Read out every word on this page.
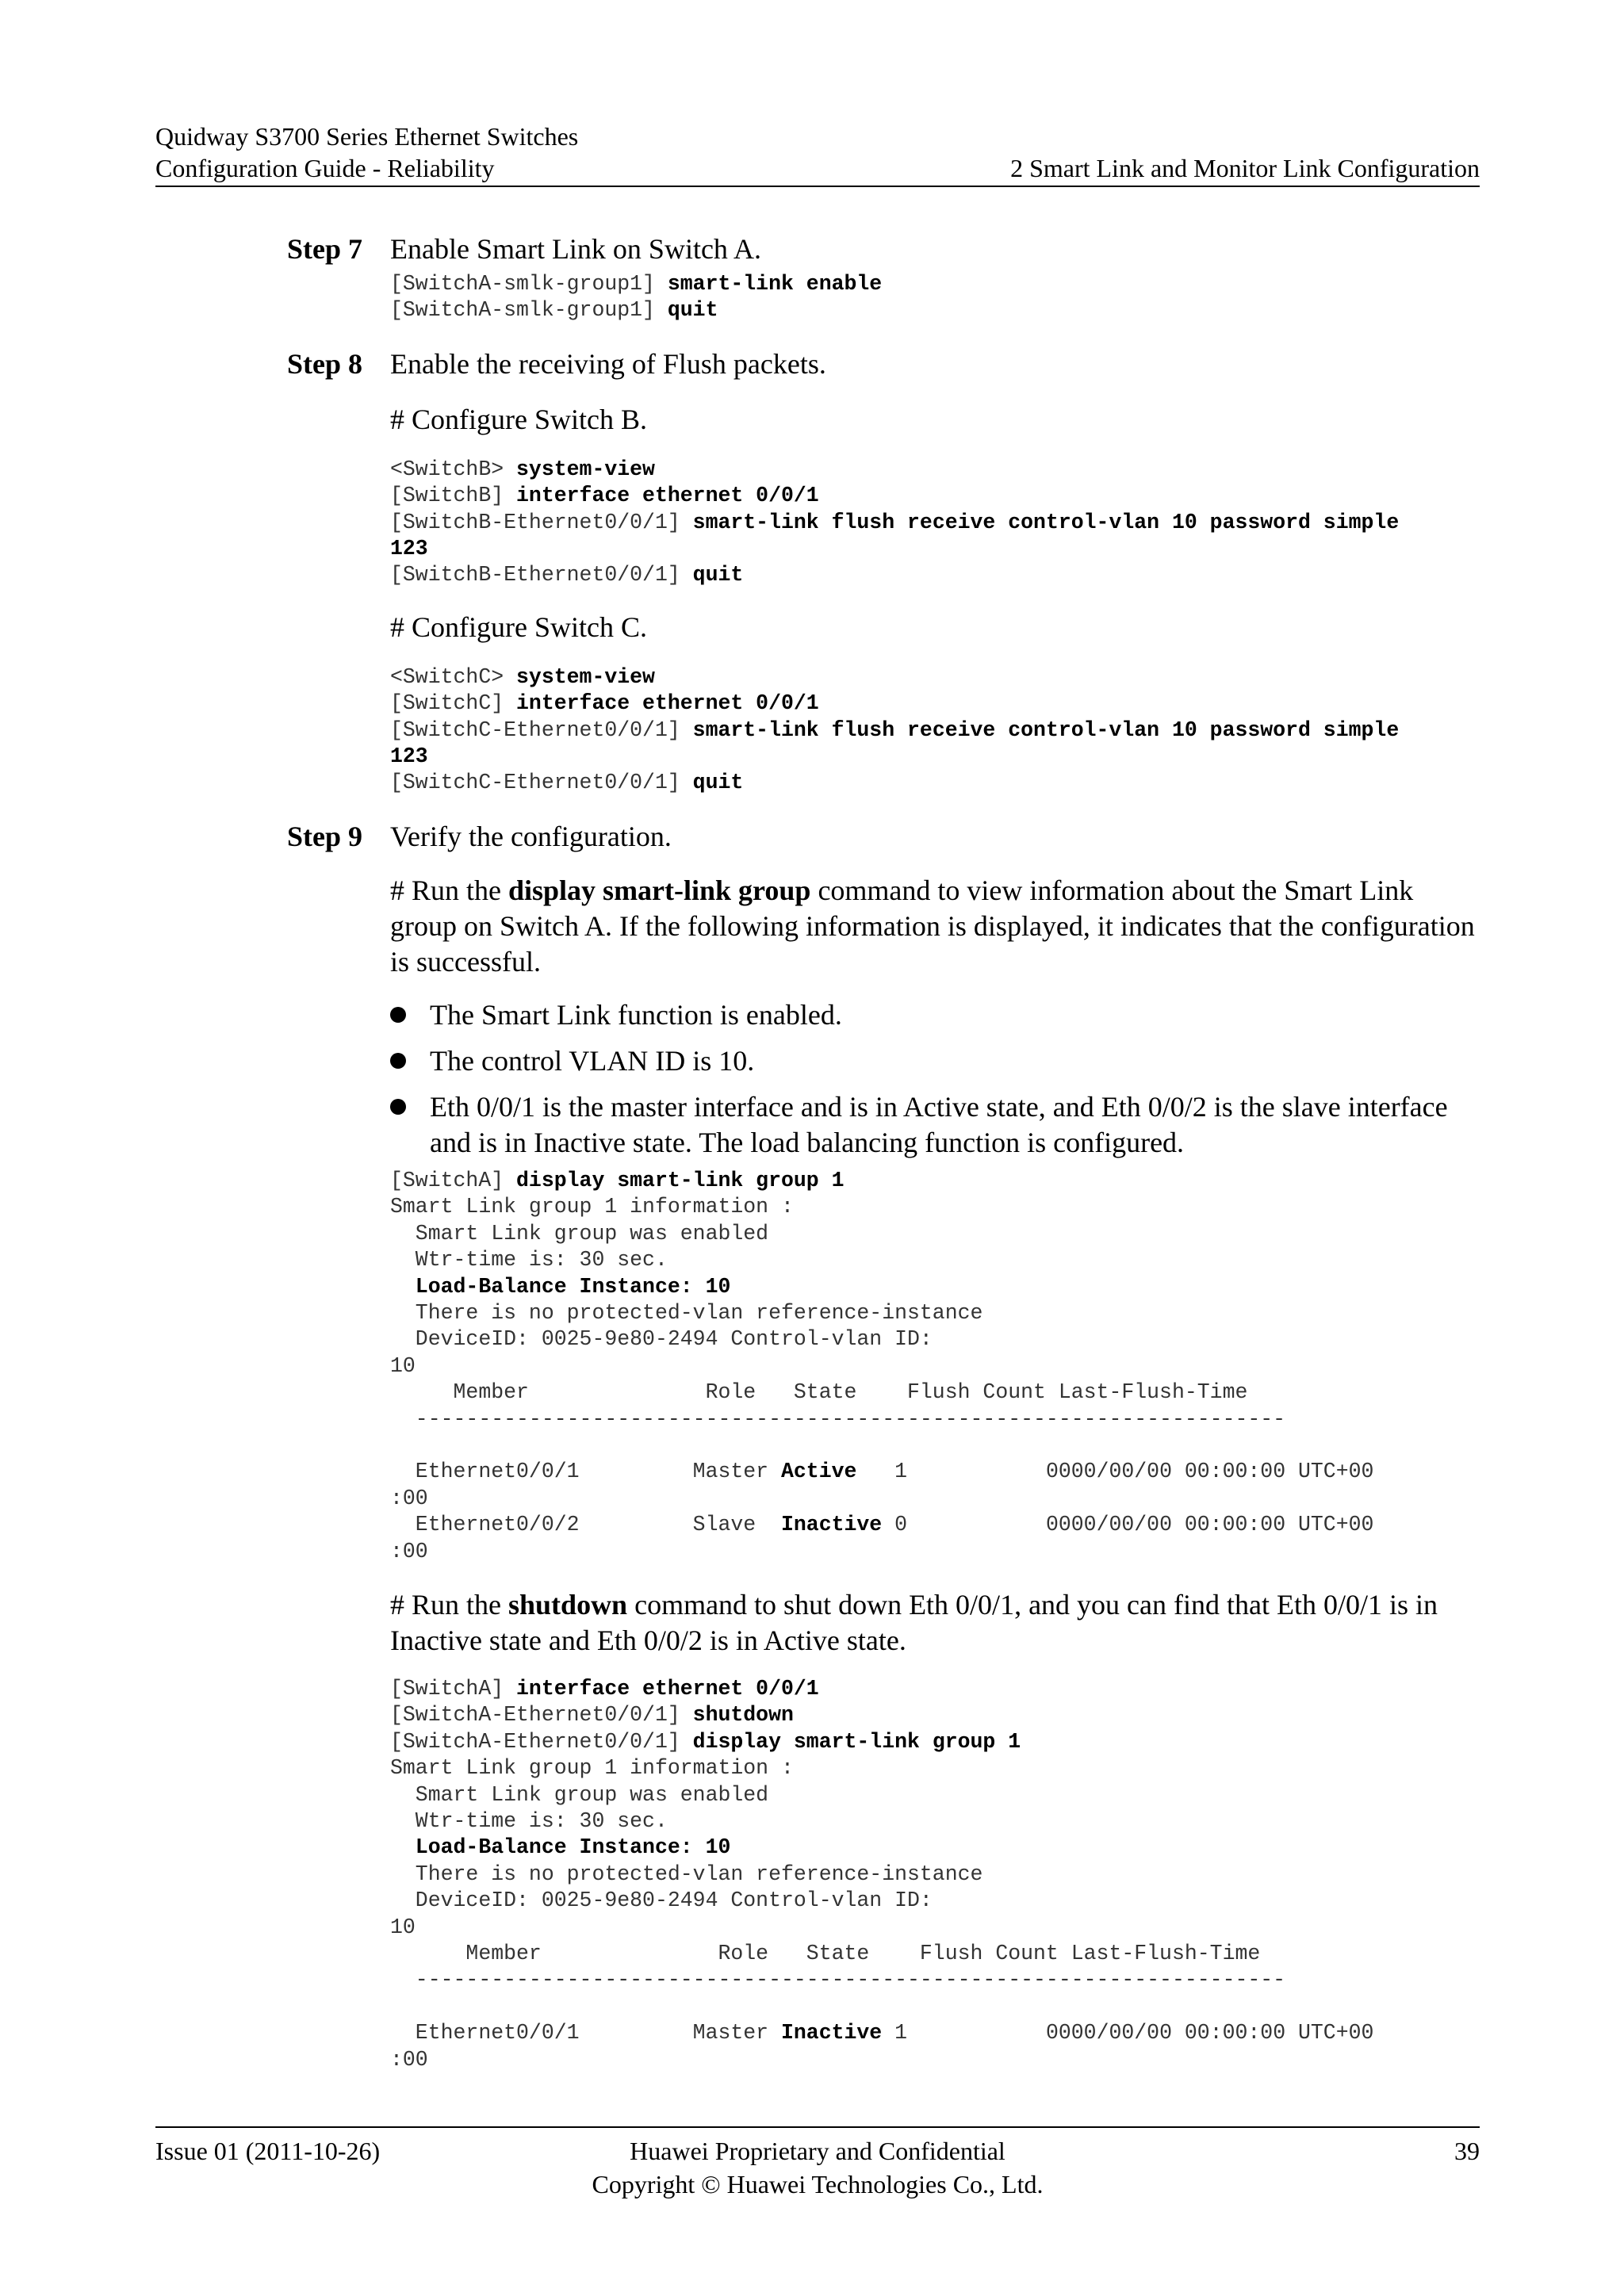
Quidway S3700 Series Ethernet Switches
Configuration Guide - Reliability	2 Smart Link and Monitor Link Configuration
Step 7 Enable Smart Link on Switch A.
[SwitchA-smlk-group1] smart-link enable
[SwitchA-smlk-group1] quit
Step 8 Enable the receiving of Flush packets.
# Configure Switch B.
<SwitchB> system-view
[SwitchB] interface ethernet 0/0/1
[SwitchB-Ethernet0/0/1] smart-link flush receive control-vlan 10 password simple
123
[SwitchB-Ethernet0/0/1] quit
# Configure Switch C.
<SwitchC> system-view
[SwitchC] interface ethernet 0/0/1
[SwitchC-Ethernet0/0/1] smart-link flush receive control-vlan 10 password simple
123
[SwitchC-Ethernet0/0/1] quit
Step 9 Verify the configuration.
# Run the display smart-link group command to view information about the Smart Link group on Switch A. If the following information is displayed, it indicates that the configuration is successful.
The Smart Link function is enabled.
The control VLAN ID is 10.
Eth 0/0/1 is the master interface and is in Active state, and Eth 0/0/2 is the slave interface and is in Inactive state. The load balancing function is configured.
[SwitchA] display smart-link group 1
Smart Link group 1 information :
Smart Link group was enabled
Wtr-time is: 30 sec.
Load-Balance Instance: 10
There is no protected-vlan reference-instance
DeviceID: 0025-9e80-2494 Control-vlan ID:
10
Member              Role   State    Flush Count Last-Flush-Time
---------------------------------------------------------------------
Ethernet0/0/1         Master Active   1           0000/00/00 00:00:00 UTC+00
:00
Ethernet0/0/2         Slave  Inactive 0           0000/00/00 00:00:00 UTC+00
:00
# Run the shutdown command to shut down Eth 0/0/1, and you can find that Eth 0/0/1 is in Inactive state and Eth 0/0/2 is in Active state.
[SwitchA] interface ethernet 0/0/1
[SwitchA-Ethernet0/0/1] shutdown
[SwitchA-Ethernet0/0/1] display smart-link group 1
Smart Link group 1 information :
Smart Link group was enabled
Wtr-time is: 30 sec.
Load-Balance Instance: 10
There is no protected-vlan reference-instance
DeviceID: 0025-9e80-2494 Control-vlan ID:
10
Member              Role   State    Flush Count Last-Flush-Time
---------------------------------------------------------------------
Ethernet0/0/1         Master Inactive 1           0000/00/00 00:00:00 UTC+00
:00
Issue 01 (2011-10-26)	Huawei Proprietary and Confidential
Copyright © Huawei Technologies Co., Ltd.
39
